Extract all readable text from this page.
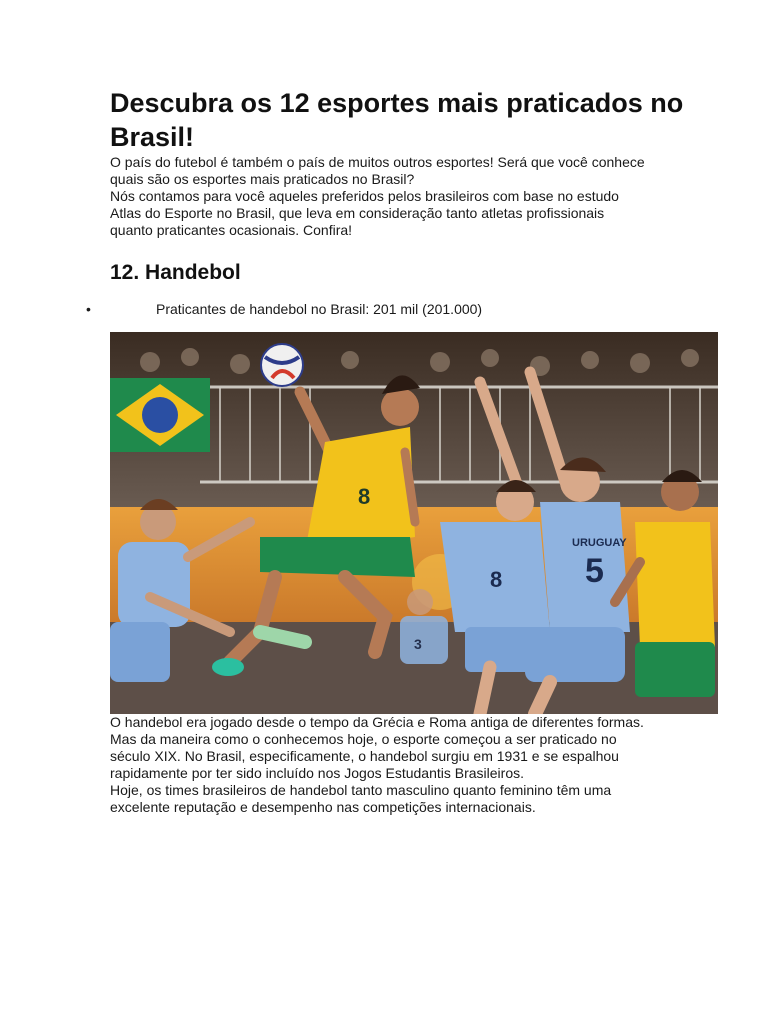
Descubra os 12 esportes mais praticados no Brasil!

O país do futebol é também o país de muitos outros esportes! Será que você conhece quais são os esportes mais praticados no Brasil?

Nós contamos para você aqueles preferidos pelos brasileiros com base no estudo Atlas do Esporte no Brasil, que leva em consideração tanto atletas profissionais quanto praticantes ocasionais. Confira!

12. Handebol
•	Praticantes de handebol no Brasil: 201 mil (201.000)
8
8
URUGUAY
5
3

O handebol era jogado desde o tempo da Grécia e Roma antiga de diferentes formas. Mas da maneira como o conhecemos hoje, o esporte começou a ser praticado no século XIX. No Brasil, especificamente, o handebol surgiu em 1931 e se espalhou rapidamente por ter sido incluído nos Jogos Estudantis Brasileiros.

Hoje, os times brasileiros de handebol tanto masculino quanto feminino têm uma excelente reputação e desempenho nas competições internacionais.
